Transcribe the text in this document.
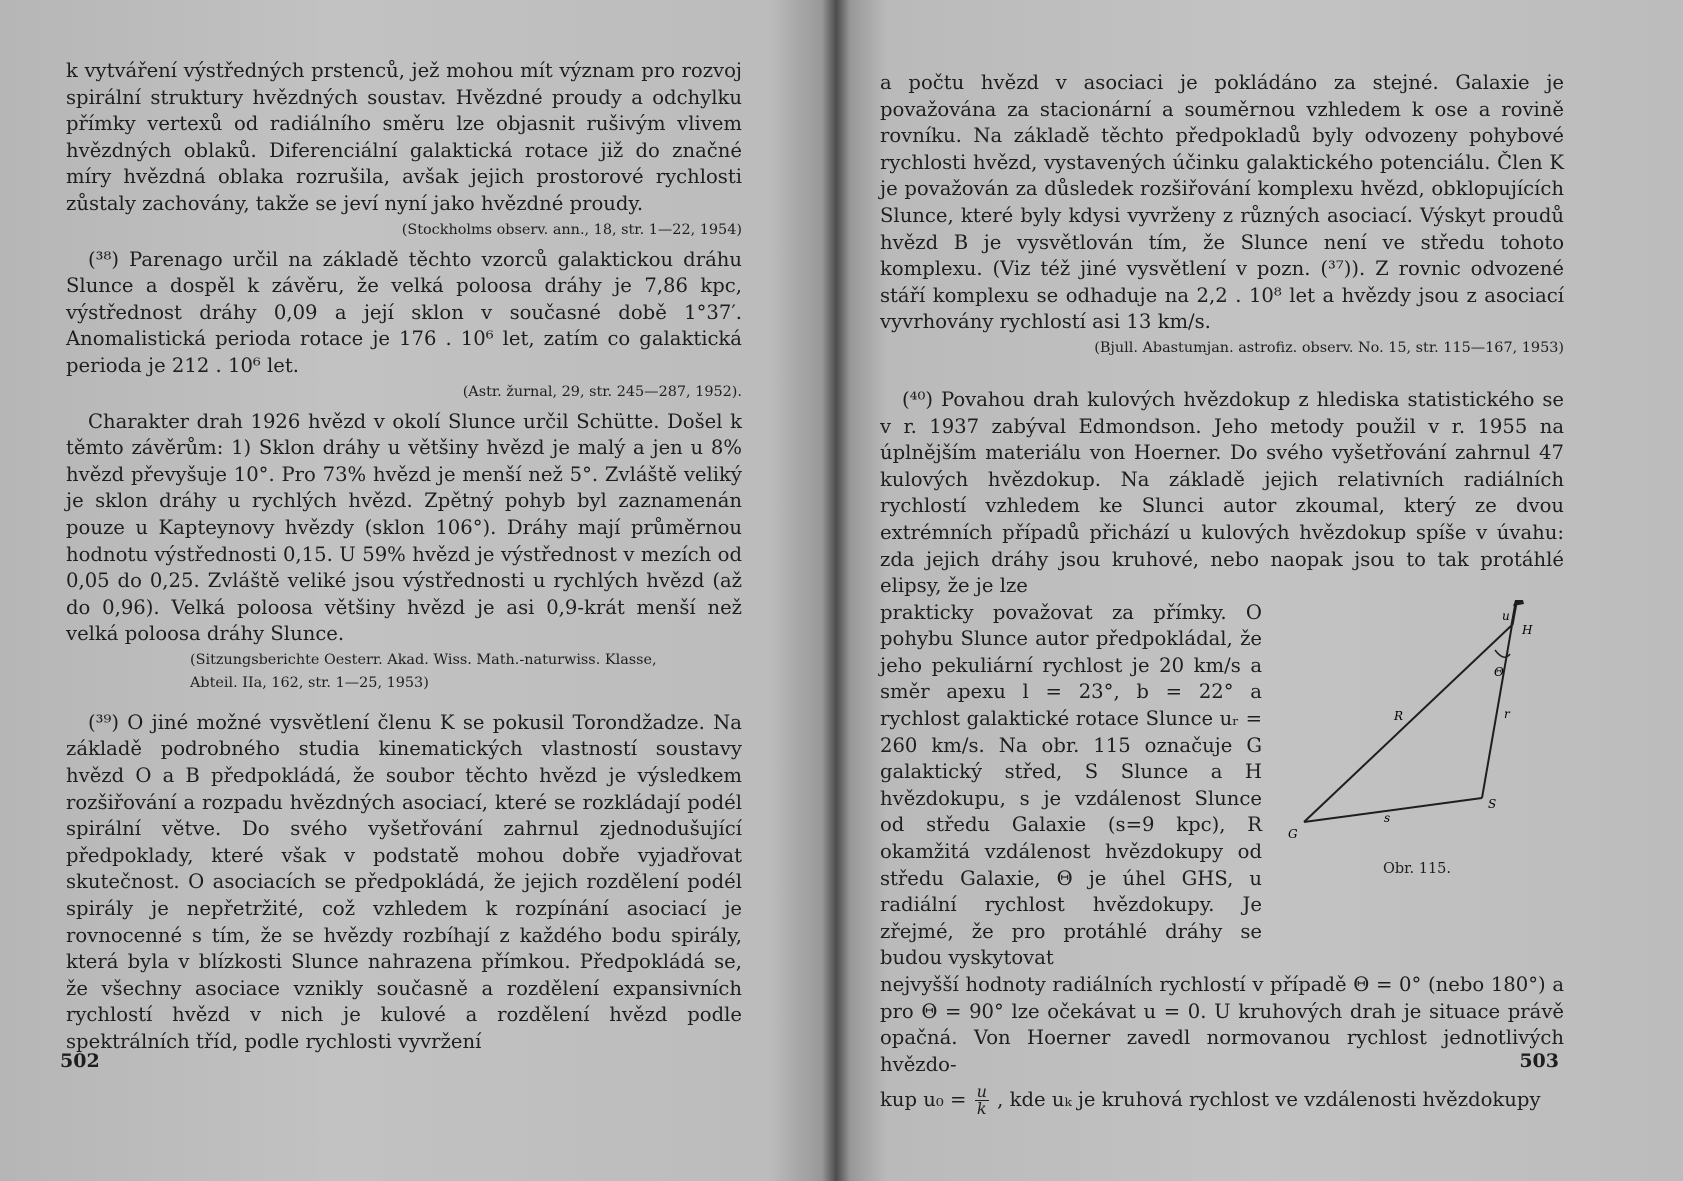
k vytváření výstředných prstenců, jež mohou mít význam pro rozvoj spirální struktury hvězdných soustav. Hvězdné proudy a odchylku přímky vertexů od radiálního směru lze objasnit rušivým vlivem hvězdných oblaků. Diferenciální galaktická rotace již do značné míry hvězdná oblaka rozrušila, avšak jejich prostorové rychlosti zůstaly zachovány, takže se jeví nyní jako hvězdné proudy.

(Stockholms observ. ann., 18, str. 1—22, 1954)

(³⁸) Parenago určil na základě těchto vzorců galaktickou dráhu Slunce a dospěl k závěru, že velká poloosa dráhy je 7,86 kpc, výstřednost dráhy 0,09 a její sklon v současné době 1°37′. Anomalistická perioda rotace je 176 . 10⁶ let, zatím co galaktická perioda je 212 . 10⁶ let.

(Astr. žurnal, 29, str. 245—287, 1952).

Charakter drah 1926 hvězd v okolí Slunce určil Schütte. Došel k těmto závěrům: 1) Sklon dráhy u většiny hvězd je malý a jen u 8% hvězd převyšuje 10°. Pro 73% hvězd je menší než 5°. Zvláště veliký je sklon dráhy u rychlých hvězd. Zpětný pohyb byl zaznamenán pouze u Kapteynovy hvězdy (sklon 106°). Dráhy mají průměrnou hodnotu výstřednosti 0,15. U 59% hvězd je výstřednost v mezích od 0,05 do 0,25. Zvláště veliké jsou výstřednosti u rychlých hvězd (až do 0,96). Velká poloosa většiny hvězd je asi 0,9-krát menší než velká poloosa dráhy Slunce.

(Sitzungsberichte Oesterr. Akad. Wiss. Math.-naturwiss. Klasse,
Abteil. IIa, 162, str. 1—25, 1953)

(³⁹) O jiné možné vysvětlení členu K se pokusil Torondžadze. Na základě podrobného studia kinematických vlastností soustavy hvězd O a B předpokládá, že soubor těchto hvězd je výsledkem rozšiřování a rozpadu hvězdných asociací, které se rozkládají podél spirální větve. Do svého vyšetřování zahrnul zjednodušující předpoklady, které však v podstatě mohou dobře vyjadřovat skutečnost. O asociacích se předpokládá, že jejich rozdělení podél spirály je nepřetržité, což vzhledem k rozpínání asociací je rovnocenné s tím, že se hvězdy rozbíhají z každého bodu spirály, která byla v blízkosti Slunce nahrazena přímkou. Předpokládá se, že všechny asociace vznikly současně a rozdělení expansivních rychlostí hvězd v nich je kulové a rozdělení hvězd podle spektrálních tříd, podle rychlosti vyvržení

502

a počtu hvězd v asociaci je pokládáno za stejné. Galaxie je považována za stacionární a souměrnou vzhledem k ose a rovině rovníku. Na základě těchto předpokladů byly odvozeny pohybové rychlosti hvězd, vystavených účinku galaktického potenciálu. Člen K je považován za důsledek rozšiřování komplexu hvězd, obklopujících Slunce, které byly kdysi vyvrženy z různých asociací. Výskyt proudů hvězd B je vysvětlován tím, že Slunce není ve středu tohoto komplexu. (Viz též jiné vysvětlení v pozn. (³⁷)). Z rovnic odvozené stáří komplexu se odhaduje na 2,2 . 10⁸ let a hvězdy jsou z asociací vyvrhovány rychlostí asi 13 km/s.

(Bjull. Abastumjan. astrofiz. observ. No. 15, str. 115—167, 1953)

(⁴⁰) Povahou drah kulových hvězdokup z hlediska statistického se v r. 1937 zabýval Edmondson. Jeho metody použil v r. 1955 na úplnějším materiálu von Hoerner. Do svého vyšetřování zahrnul 47 kulových hvězdokup. Na základě jejich relativních radiálních rychlostí vzhledem ke Slunci autor zkoumal, který ze dvou extrémních případů přichází u kulových hvězdokup spíše v úvahu: zda jejich dráhy jsou kruhové, nebo naopak jsou to tak protáhlé elipsy, že je lze

prakticky považovat za přímky. O pohybu Slunce autor předpokládal, že jeho pekuliární rychlost je 20 km/s a směr apexu l = 23°, b = 22° a rychlost galaktické rotace Slunce uᵣ = 260 km/s. Na obr. 115 označuje G galaktický střed, S Slunce a H hvězdokupu, s je vzdálenost Slunce od středu Galaxie (s=9 kpc), R okamžitá vzdálenost hvězdokupy od středu Galaxie, Θ je úhel GHS, u radiální rychlost hvězdokupy. Je zřejmé, že pro protáhlé dráhy se budou vyskytovat

u
H
Θ
R	r
S
s
G
Obr. 115.

nejvyšší hodnoty radiálních rychlostí v případě Θ = 0° (nebo 180°) a pro Θ = 90° lze očekávat u = 0. U kruhových drah je situace právě opačná. Von Hoerner zavedl normovanou rychlost jednotlivých hvězdo-

kup $u_0 = \frac{u}{k}$ , kde uₖ je kruhová rychlost ve vzdálenosti hvězdokupy

503
